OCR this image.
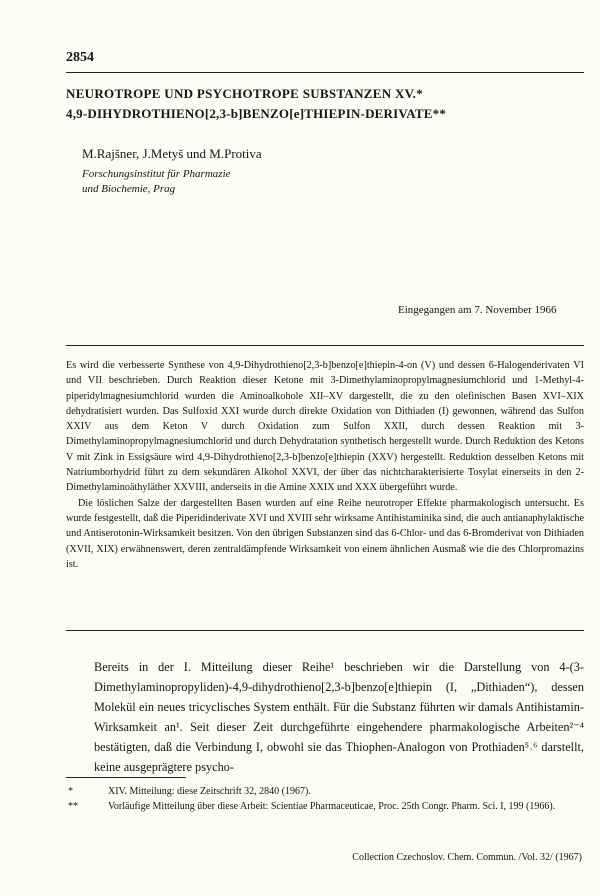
2854
NEUROTROPE UND PSYCHOTROPE SUBSTANZEN XV.*
4,9-DIHYDROTHIENO[2,3-b]BENZO[e]THIEPIN-DERIVATE**
M.Rajšner, J.Metyš und M.Protiva
Forschungsinstitut für Pharmazie
und Biochemie, Prag
Eingegangen am 7. November 1966

Es wird die verbesserte Synthese von 4,9-Dihydrothieno[2,3-b]benzo[e]thiepin-4-on (V) und dessen 6-Halogenderivaten VI und VII beschrieben. Durch Reaktion dieser Ketone mit 3-Dimethylaminopropylmagnesiumchlorid und 1-Methyl-4-piperidylmagnesiumchlorid wurden die Aminoalkohole XII–XV dargestellt, die zu den olefinischen Basen XVI–XIX dehydratisiert wurden. Das Sulfoxid XXI wurde durch direkte Oxidation von Dithiaden (I) gewonnen, während das Sulfon XXIV aus dem Keton V durch Oxidation zum Sulfon XXII, durch dessen Reaktion mit 3-Dimethylaminopropylmagnesiumchlorid und durch Dehydratation synthetisch hergestellt wurde. Durch Reduktion des Ketons V mit Zink in Essigsäure wird 4,9-Dihydrothieno[2,3-b]benzo[e]thiepin (XXV) hergestellt. Reduktion desselben Ketons mit Natriumborhydrid führt zu dem sekundären Alkohol XXVI, der über das nichtcharakterisierte Tosylat einerseits in den 2-Dimethylaminoäthyläther XXVIII, anderseits in die Amine XXIX und XXX übergeführt wurde.

Die löslichen Salze der dargestellten Basen wurden auf eine Reihe neurotroper Effekte pharmakologisch untersucht. Es wurde festgestellt, daß die Piperidinderivate XVI und XVIII sehr wirksame Antihistaminika sind, die auch antianaphylaktische und Antiserotonin-Wirksamkeit besitzen. Von den übrigen Substanzen sind das 6-Chlor- und das 6-Bromderivat von Dithiaden (XVII, XIX) erwähnenswert, deren zentraldämpfende Wirksamkeit von einem ähnlichen Ausmaß wie die des Chlorpromazins ist.

Bereits in der I. Mitteilung dieser Reihe¹ beschrieben wir die Darstellung von 4-(3-Dimethylaminopropyliden)-4,9-dihydrothieno[2,3-b]benzo[e]thiepin (I, „Dithiaden“), dessen Molekül ein neues tricyclisches System enthält. Für die Substanz führten wir damals Antihistamin-Wirksamkeit an¹. Seit dieser Zeit durchgeführte eingehendere pharmakologische Arbeiten²⁻⁴ bestätigten, daß die Verbindung I, obwohl sie das Thiophen-Analogon von Prothiaden⁵˒⁶ darstellt, keine ausgeprägtere psycho-

*	XIV. Mitteilung: diese Zeitschrift 32, 2840 (1967).
**	Vorläufige Mitteilung über diese Arbeit: Scientiae Pharmaceuticae, Proc. 25th Congr. Pharm. Sci. I, 199 (1966).
Collection Czechoslov. Chem. Commun. /Vol. 32/ (1967)
